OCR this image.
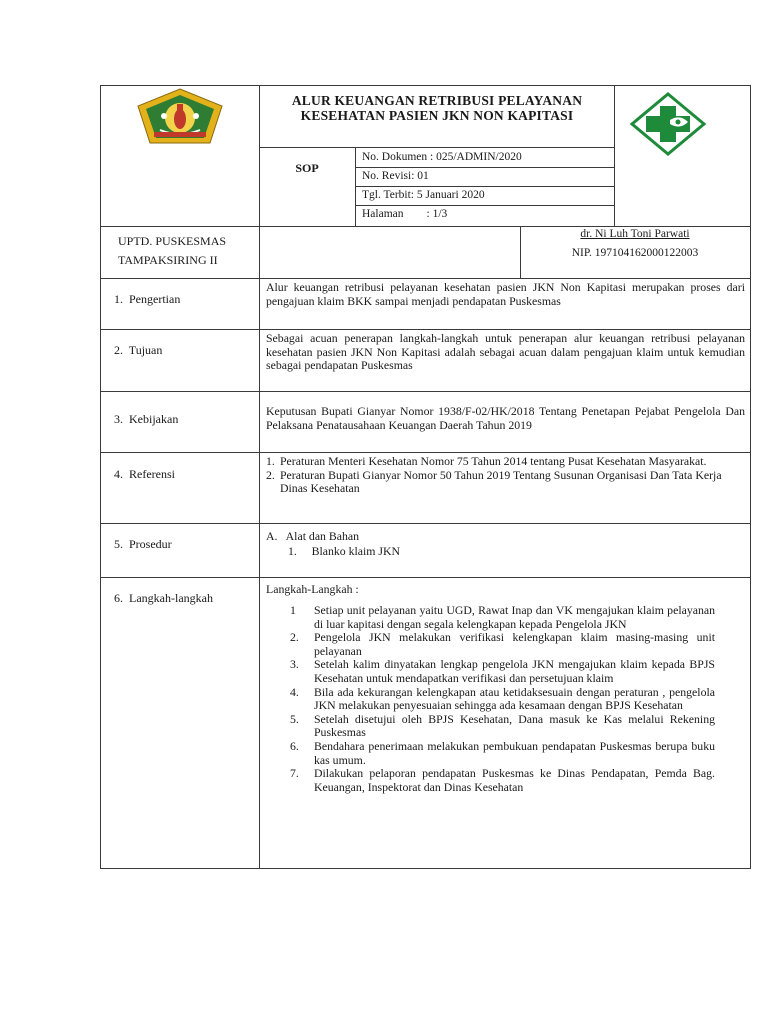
ALUR KEUANGAN RETRIBUSI PELAYANAN KESEHATAN PASIEN JKN NON KAPITASI
SOP
No. Dokumen : 025/ADMIN/2020
No. Revisi: 01
Tgl. Terbit: 5 Januari 2020
Halaman        : 1/3
UPTD. PUSKESMAS
TAMPAKSIRING II
dr. Ni Luh Toni Parwati
NIP. 197104162000122003
1.  Pengertian
Alur keuangan retribusi pelayanan kesehatan pasien JKN Non Kapitasi merupakan proses dari pengajuan klaim BKK sampai menjadi pendapatan Puskesmas
2.  Tujuan
Sebagai acuan penerapan langkah-langkah untuk penerapan alur keuangan retribusi pelayanan kesehatan pasien JKN Non Kapitasi adalah sebagai acuan dalam pengajuan klaim untuk kemudian sebagai pendapatan Puskesmas
3.  Kebijakan
Keputusan Bupati Gianyar Nomor 1938/F-02/HK/2018 Tentang Penetapan Pejabat Pengelola Dan Pelaksana Penatausahaan Keuangan Daerah Tahun 2019
4.  Referensi
1. Peraturan Menteri Kesehatan Nomor 75 Tahun 2014 tentang Pusat Kesehatan Masyarakat.
2. Peraturan Bupati Gianyar Nomor 50 Tahun 2019 Tentang Susunan Organisasi Dan Tata Kerja Dinas Kesehatan
5.  Prosedur
A.   Alat dan Bahan
1.     Blanko klaim JKN
6.  Langkah-langkah
Langkah-Langkah :
1 Setiap unit pelayanan yaitu UGD, Rawat Inap dan VK mengajukan klaim pelayanan di luar kapitasi dengan segala kelengkapan kepada Pengelola JKN
2. Pengelola JKN melakukan verifikasi kelengkapan klaim masing-masing unit pelayanan
3. Setelah kalim dinyatakan lengkap pengelola JKN mengajukan klaim kepada BPJS Kesehatan untuk mendapatkan verifikasi dan persetujuan klaim
4. Bila ada kekurangan kelengkapan atau ketidaksesuain dengan peraturan , pengelola JKN melakukan penyesuaian sehingga ada kesamaan dengan BPJS Kesehatan
5. Setelah disetujui oleh BPJS Kesehatan, Dana masuk ke Kas melalui Rekening Puskesmas
6. Bendahara penerimaan melakukan pembukuan pendapatan Puskesmas berupa buku kas umum.
7. Dilakukan pelaporan pendapatan Puskesmas ke Dinas Pendapatan, Pemda Bag. Keuangan, Inspektorat dan Dinas Kesehatan
